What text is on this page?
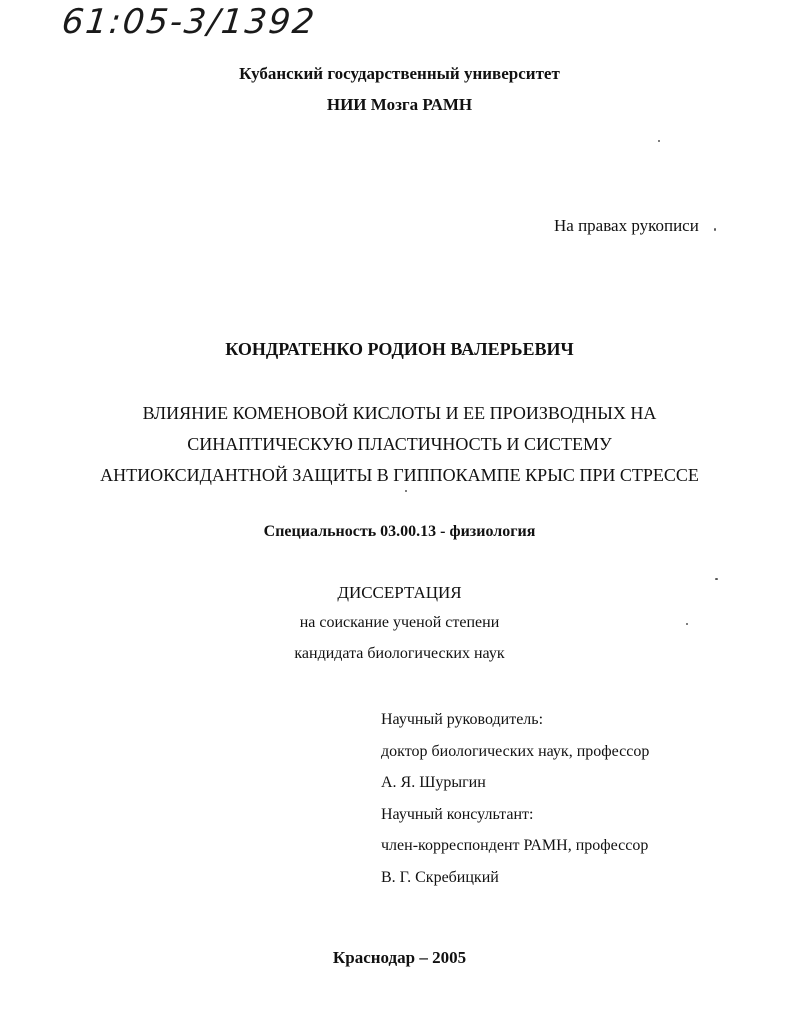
61:05-3/1392
Кубанский государственный университет
НИИ Мозга РАМН
На правах рукописи
КОНДРАТЕНКО РОДИОН ВАЛЕРЬЕВИЧ
ВЛИЯНИЕ КОМЕНОВОЙ КИСЛОТЫ И ЕЕ ПРОИЗВОДНЫХ НА
СИНАПТИЧЕСКУЮ ПЛАСТИЧНОСТЬ И СИСТЕМУ
АНТИОКСИДАНТНОЙ ЗАЩИТЫ В ГИППОКАМПЕ КРЫС ПРИ СТРЕССЕ
Специальность 03.00.13 - физиология
ДИССЕРТАЦИЯ
на соискание ученой степени
кандидата биологических наук
Научный руководитель:
доктор биологических наук, профессор
А. Я. Шурыгин
Научный консультант:
член-корреспондент РАМН, профессор
В. Г. Скребицкий
Краснодар – 2005
